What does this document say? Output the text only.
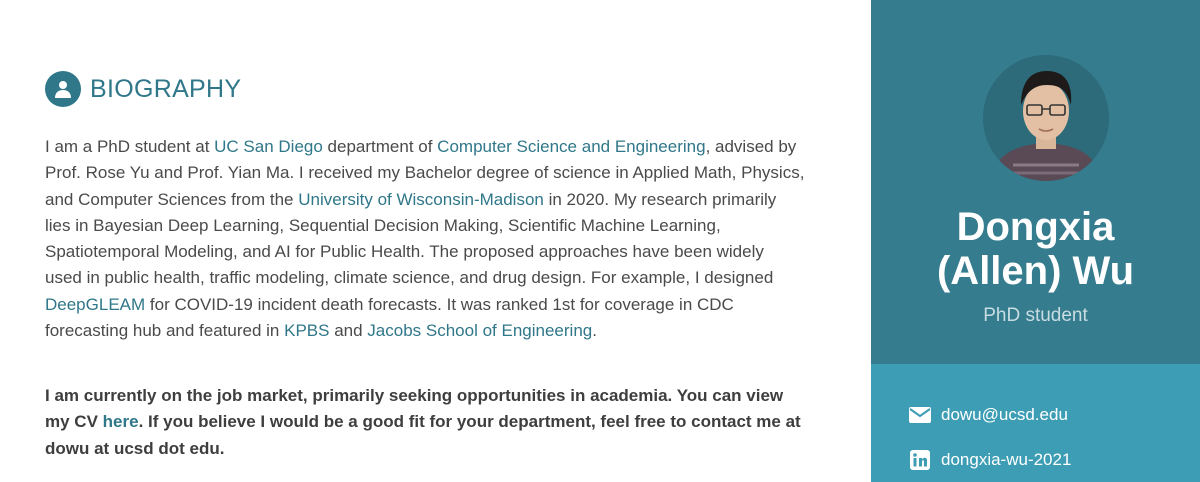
BIOGRAPHY

I am a PhD student at UC San Diego department of Computer Science and Engineering, advised by Prof. Rose Yu and Prof. Yian Ma. I received my Bachelor degree of science in Applied Math, Physics, and Computer Sciences from the University of Wisconsin-Madison in 2020. My research primarily lies in Bayesian Deep Learning, Sequential Decision Making, Scientific Machine Learning, Spatiotemporal Modeling, and AI for Public Health. The proposed approaches have been widely used in public health, traffic modeling, climate science, and drug design. For example, I designed DeepGLEAM for COVID-19 incident death forecasts. It was ranked 1st for coverage in CDC forecasting hub and featured in KPBS and Jacobs School of Engineering.

I am currently on the job market, primarily seeking opportunities in academia. You can view my CV here. If you believe I would be a good fit for your department, feel free to contact me at dowu at ucsd dot edu.

Dongxia
(Allen) Wu
PhD student
dowu@ucsd.edu
dongxia-wu-2021
